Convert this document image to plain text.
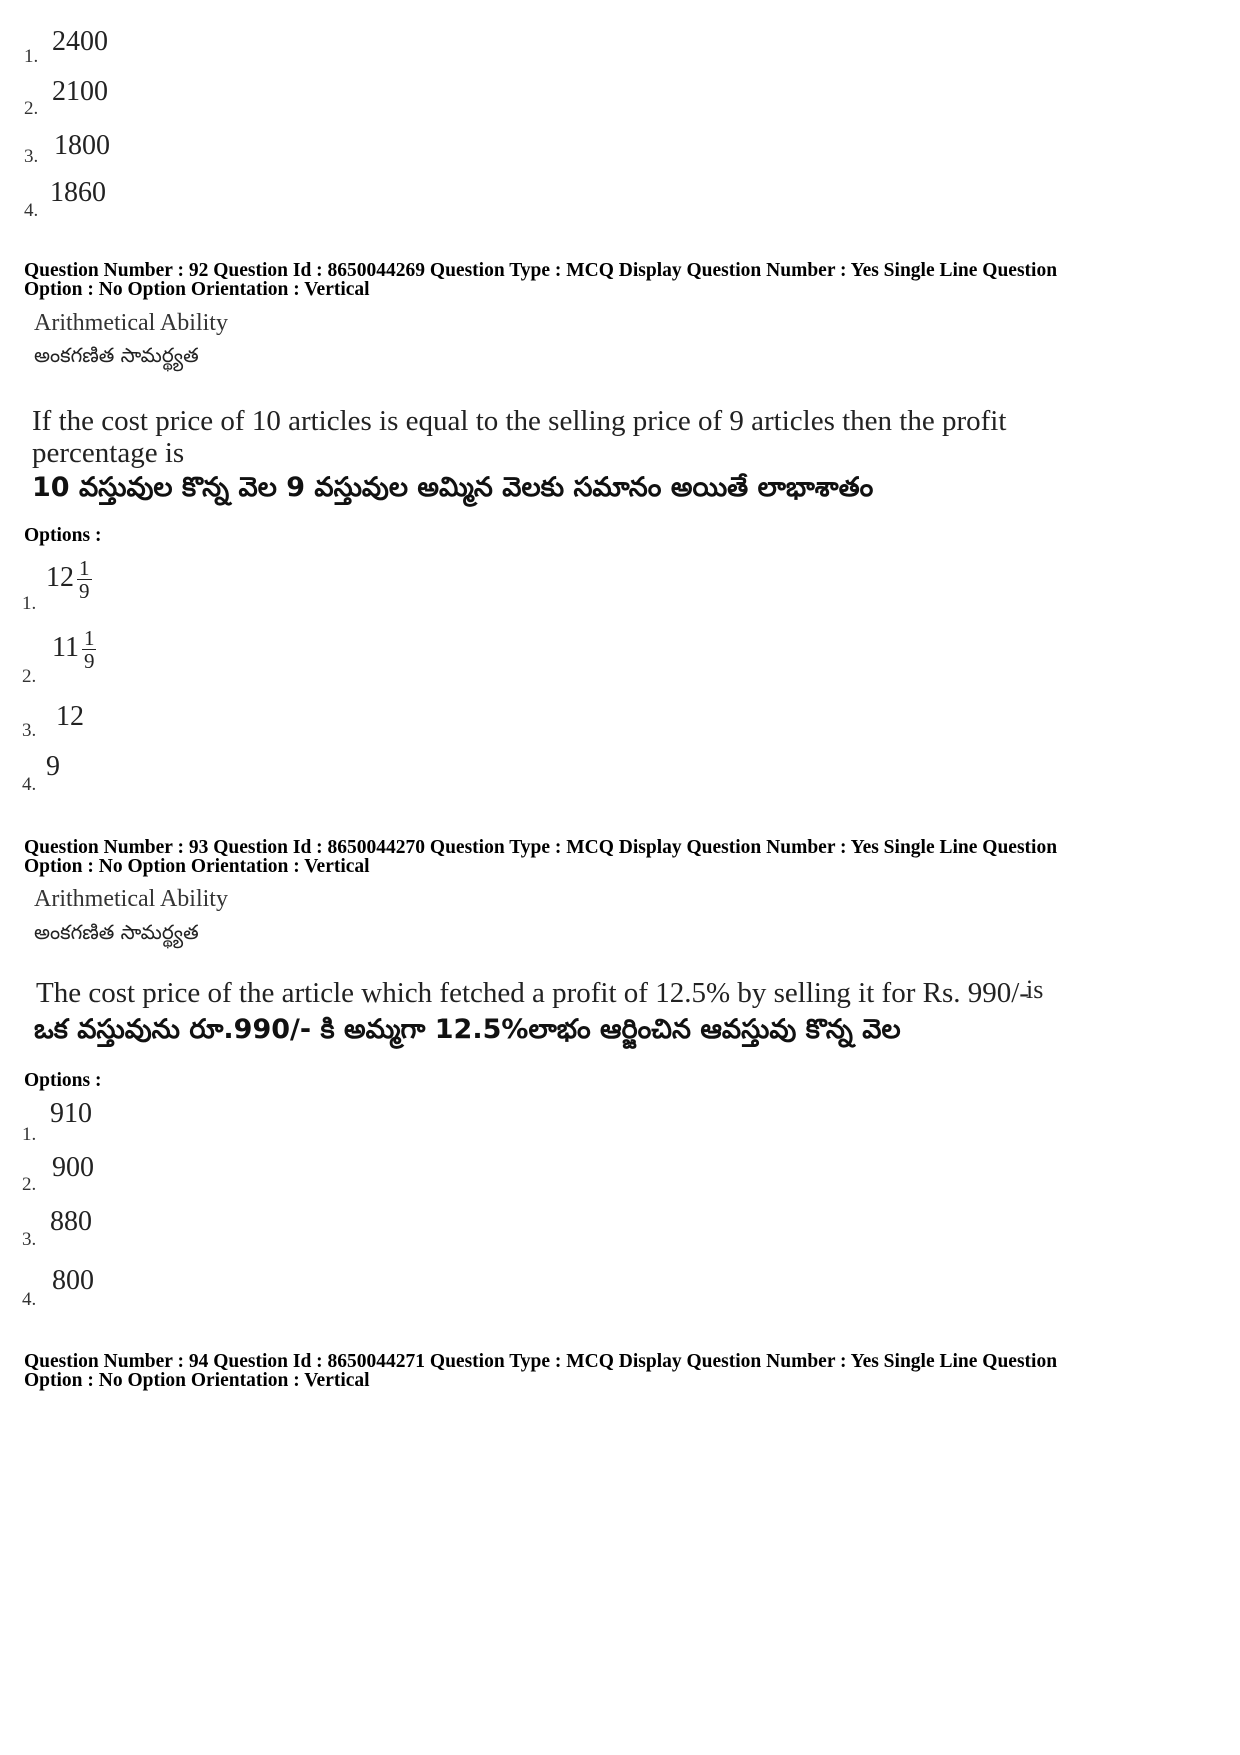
1. 2400
2.
2100
3. 1800
4.
1860
Question Number : 92 Question Id : 8650044269 Question Type : MCQ Display Question Number : Yes Single Line Question
Option : No Option Orientation : Vertical
Arithmetical Ability
అంకగణిత సామర్థ్యత
If the cost price of 10 articles is equal to the selling price of 9 articles then the profit
percentage is
10 వస్తువుల కొన్న వెల 9 వస్తువుల అమ్మిన వెలకు సమానం అయితే లాభాశాతం
Options :
1.
$12 \frac{1}{9}$
2.
$11 \frac{1}{9}$
3. 12
4.
9
Question Number : 93 Question Id : 8650044270 Question Type : MCQ Display Question Number : Yes Single Line Question
Option : No Option Orientation : Vertical
Arithmetical Ability
అంకగణిత సామర్థ్యత
The cost price of the article which fetched a profit of 12.5% by selling it for Rs. 990/-
is
ఒక వస్తువును రూ.990/- కి అమ్మగా 12.5%లాభం ఆర్జించిన ఆవస్తువు కొన్న వెల
Options :
1.
910
2.
900
3.
880
4.
800
Question Number : 94 Question Id : 8650044271 Question Type : MCQ Display Question Number : Yes Single Line Question
Option : No Option Orientation : Vertical
